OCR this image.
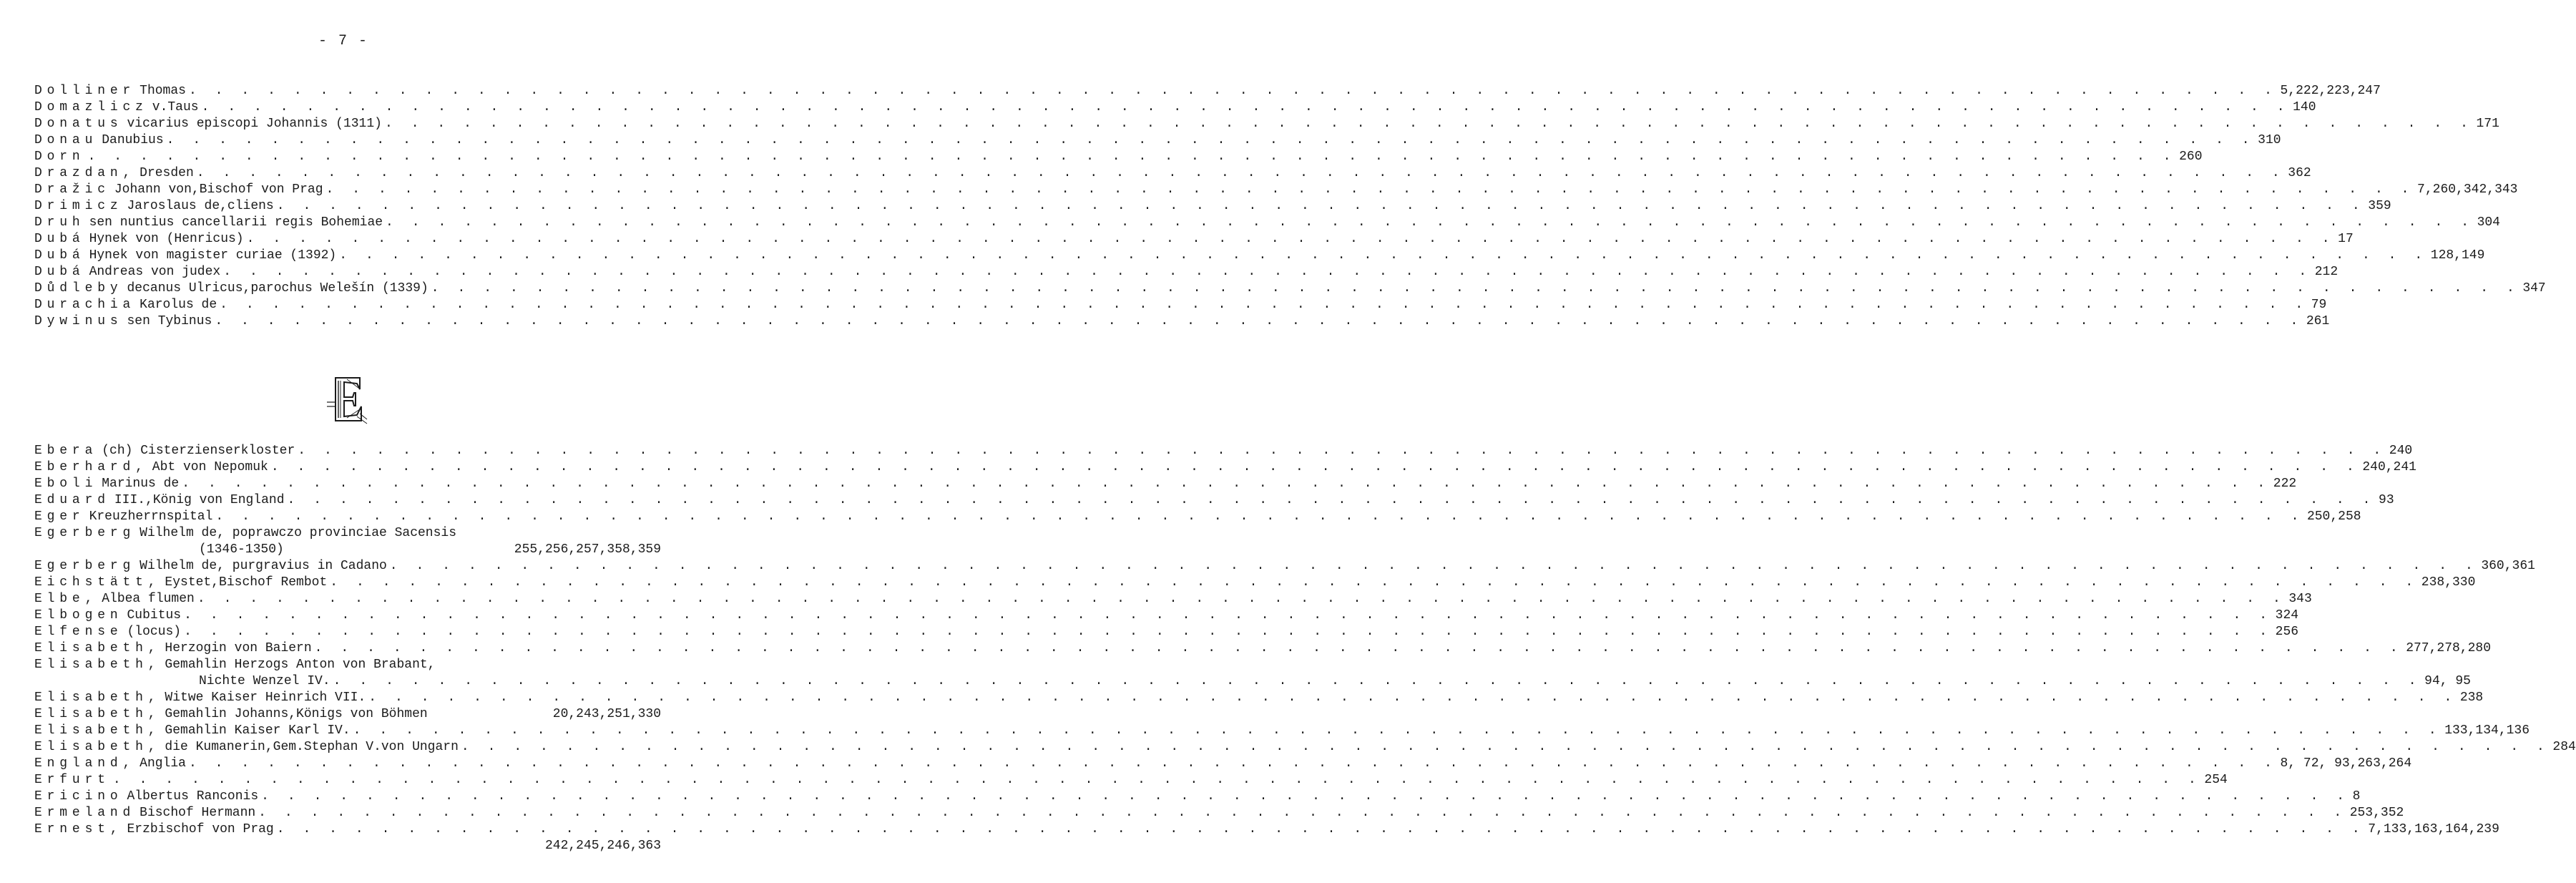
- 7 -
Dolliner Thomas . . . . . . . . . . . . . . . . . . . . . . . . . . . . . . . . . . . . . . . . . . . . . . . . . . . . . . . . . . . . . . . . . . . . . . . . . . . . . . . . 5,222,223,247
Domazlicz v.Taus . . . . . . . . . . . . . . . . . . . . . . . . . . . . . . . . . . . . . . . . . . . . . . . . . . . . . . . . . . . . . . . . . . . . . . . . . . . . . . . . 140
Donatus vicarius episcopi Johannis (1311) . . . . . . . . . . . . . . . . . . . . . . . . . . . . . . . . . . . . . . . . . . . . . . . . . . . . . . . . . . . . . . . . . . . . . . . . . . . . . . . . 171
Donau Danubius . . . . . . . . . . . . . . . . . . . . . . . . . . . . . . . . . . . . . . . . . . . . . . . . . . . . . . . . . . . . . . . . . . . . . . . . . . . . . . . . 310
Dorn . . . . . . . . . . . . . . . . . . . . . . . . . . . . . . . . . . . . . . . . . . . . . . . . . . . . . . . . . . . . . . . . . . . . . . . . . . . . . . . . 260
Drazdan, Dresden . . . . . . . . . . . . . . . . . . . . . . . . . . . . . . . . . . . . . . . . . . . . . . . . . . . . . . . . . . . . . . . . . . . . . . . . . . . . . . . . 362
Dražic Johann von,Bischof von Prag . . . . . . . . . . . . . . . . . . . . . . . . . . . . . . . . . . . . . . . . . . . . . . . . . . . . . . . . . . . . . . . . . . . . . . . . . . . . . . . . 7,260,342,343
Drimicz Jaroslaus de,cliens . . . . . . . . . . . . . . . . . . . . . . . . . . . . . . . . . . . . . . . . . . . . . . . . . . . . . . . . . . . . . . . . . . . . . . . . . . . . . . . . 359
Druh sen nuntius cancellarii regis Bohemiae . . . . . . . . . . . . . . . . . . . . . . . . . . . . . . . . . . . . . . . . . . . . . . . . . . . . . . . . . . . . . . . . . . . . . . . . . . . . . . . . 304
Dubá Hynek von (Henricus) . . . . . . . . . . . . . . . . . . . . . . . . . . . . . . . . . . . . . . . . . . . . . . . . . . . . . . . . . . . . . . . . . . . . . . . . . . . . . . . . 17
Dubá Hynek von magister curiae (1392) . . . . . . . . . . . . . . . . . . . . . . . . . . . . . . . . . . . . . . . . . . . . . . . . . . . . . . . . . . . . . . . . . . . . . . . . . . . . . . . . 128,149
Dubá Andreas von judex . . . . . . . . . . . . . . . . . . . . . . . . . . . . . . . . . . . . . . . . . . . . . . . . . . . . . . . . . . . . . . . . . . . . . . . . . . . . . . . . 212
Důdleby decanus Ulricus,parochus Welešín (1339) . . . . . . . . . . . . . . . . . . . . . . . . . . . . . . . . . . . . . . . . . . . . . . . . . . . . . . . . . . . . . . . . . . . . . . . . . . . . . . . . 347
Durachia Karolus de . . . . . . . . . . . . . . . . . . . . . . . . . . . . . . . . . . . . . . . . . . . . . . . . . . . . . . . . . . . . . . . . . . . . . . . . . . . . . . . . 79
Dywinus sen Tybinus . . . . . . . . . . . . . . . . . . . . . . . . . . . . . . . . . . . . . . . . . . . . . . . . . . . . . . . . . . . . . . . . . . . . . . . . . . . . . . . . 261
Ebera (ch) Cisterzienserkloster . . . . . . . . . . . . . . . . . . . . . . . . . . . . . . . . . . . . . . . . . . . . . . . . . . . . . . . . . . . . . . . . . . . . . . . . . . . . . . . . 240
Eberhard, Abt von Nepomuk . . . . . . . . . . . . . . . . . . . . . . . . . . . . . . . . . . . . . . . . . . . . . . . . . . . . . . . . . . . . . . . . . . . . . . . . . . . . . . . . 240,241
Eboli Marinus de . . . . . . . . . . . . . . . . . . . . . . . . . . . . . . . . . . . . . . . . . . . . . . . . . . . . . . . . . . . . . . . . . . . . . . . . . . . . . . . . 222
Eduard III.,König von England . . . . . . . . . . . . . . . . . . . . . . . . . . . . . . . . . . . . . . . . . . . . . . . . . . . . . . . . . . . . . . . . . . . . . . . . . . . . . . . . 93
Eger Kreuzherrnspital . . . . . . . . . . . . . . . . . . . . . . . . . . . . . . . . . . . . . . . . . . . . . . . . . . . . . . . . . . . . . . . . . . . . . . . . . . . . . . . . 250,258
Egerberg Wilhelm de, poprawczo provinciae Sacensis
(1346-1350)	255,256,257,358,359
Egerberg Wilhelm de, purgravius in Cadano . . . . . . . . . . . . . . . . . . . . . . . . . . . . . . . . . . . . . . . . . . . . . . . . . . . . . . . . . . . . . . . . . . . . . . . . . . . . . . . . 360,361
Eichstätt, Eystet,Bischof Rembot . . . . . . . . . . . . . . . . . . . . . . . . . . . . . . . . . . . . . . . . . . . . . . . . . . . . . . . . . . . . . . . . . . . . . . . . . . . . . . . . 238,330
Elbe, Albea flumen . . . . . . . . . . . . . . . . . . . . . . . . . . . . . . . . . . . . . . . . . . . . . . . . . . . . . . . . . . . . . . . . . . . . . . . . . . . . . . . . 343
Elbogen Cubitus . . . . . . . . . . . . . . . . . . . . . . . . . . . . . . . . . . . . . . . . . . . . . . . . . . . . . . . . . . . . . . . . . . . . . . . . . . . . . . . . 324
Elfense (locus) . . . . . . . . . . . . . . . . . . . . . . . . . . . . . . . . . . . . . . . . . . . . . . . . . . . . . . . . . . . . . . . . . . . . . . . . . . . . . . . . 256
Elisabeth, Herzogin von Baiern . . . . . . . . . . . . . . . . . . . . . . . . . . . . . . . . . . . . . . . . . . . . . . . . . . . . . . . . . . . . . . . . . . . . . . . . . . . . . . . . 277,278,280
Elisabeth, Gemahlin Herzogs Anton von Brabant,
Nichte Wenzel IV. . . . . . . . . . . . . . . . . . . . . . . . . . . . . . . . . . . . . . . . . . . . . . . . . . . . . . . . . . . . . . . . . . . . . . . . . . . . . . . . . 94, 95
Elisabeth, Witwe Kaiser Heinrich VII. . . . . . . . . . . . . . . . . . . . . . . . . . . . . . . . . . . . . . . . . . . . . . . . . . . . . . . . . . . . . . . . . . . . . . . . . . . . . . . . . 238
Elisabeth, Gemahlin Johanns,Königs von Böhmen	20,243,251,330
Elisabeth, Gemahlin Kaiser Karl IV. . . . . . . . . . . . . . . . . . . . . . . . . . . . . . . . . . . . . . . . . . . . . . . . . . . . . . . . . . . . . . . . . . . . . . . . . . . . . . . . . 133,134,136
Elisabeth, die Kumanerin,Gem.Stephan V.von Ungarn . . . . . . . . . . . . . . . . . . . . . . . . . . . . . . . . . . . . . . . . . . . . . . . . . . . . . . . . . . . . . . . . . . . . . . . . . . . . . . . . 284
England, Anglia . . . . . . . . . . . . . . . . . . . . . . . . . . . . . . . . . . . . . . . . . . . . . . . . . . . . . . . . . . . . . . . . . . . . . . . . . . . . . . . . 8, 72, 93,263,264
Erfurt . . . . . . . . . . . . . . . . . . . . . . . . . . . . . . . . . . . . . . . . . . . . . . . . . . . . . . . . . . . . . . . . . . . . . . . . . . . . . . . . 254
Ericino Albertus Ranconis . . . . . . . . . . . . . . . . . . . . . . . . . . . . . . . . . . . . . . . . . . . . . . . . . . . . . . . . . . . . . . . . . . . . . . . . . . . . . . . . 8
Ermeland Bischof Hermann . . . . . . . . . . . . . . . . . . . . . . . . . . . . . . . . . . . . . . . . . . . . . . . . . . . . . . . . . . . . . . . . . . . . . . . . . . . . . . . . 253,352
Ernest, Erzbischof von Prag . . . . . . . . . . . . . . . . . . . . . . . . . . . . . . . . . . . . . . . . . . . . . . . . . . . . . . . . . . . . . . . . . . . . . . . . . . . . . . . . 7,133,163,164,239
242,245,246,363
